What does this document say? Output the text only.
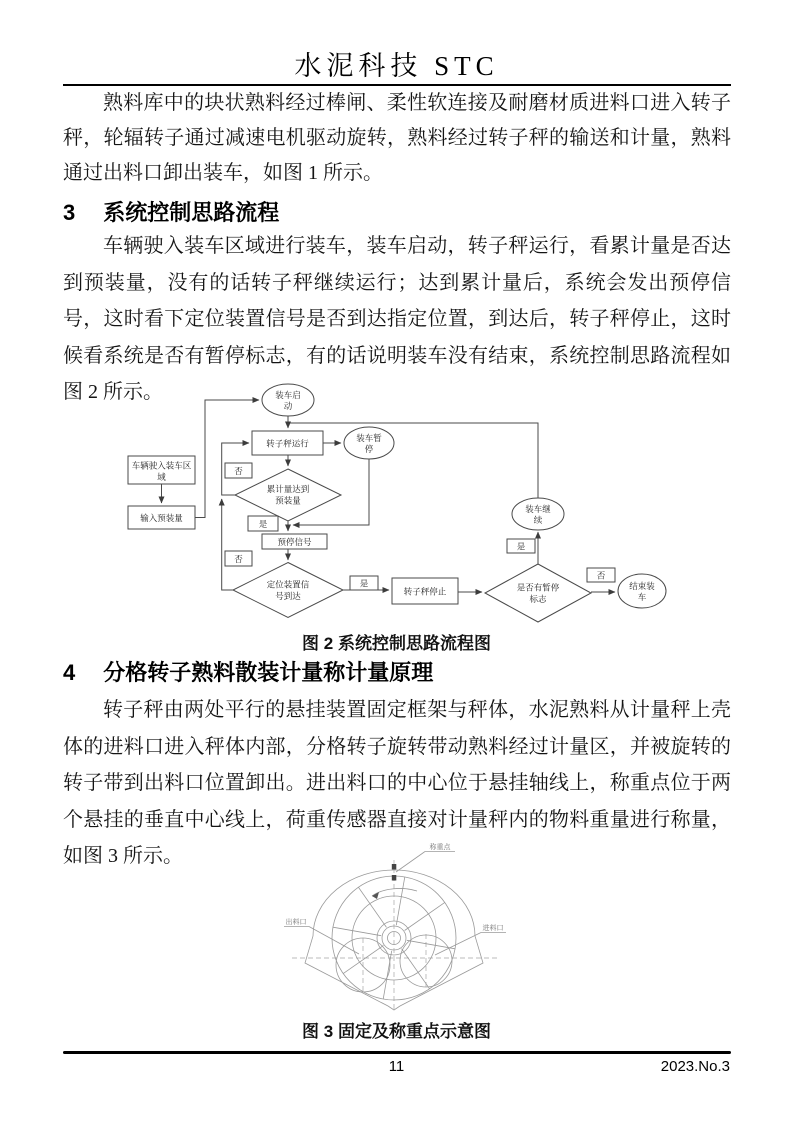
水泥科技 STC

熟料库中的块状熟料经过棒闸、柔性软连接及耐磨材质进料口进入转子秤，轮辐转子通过减速电机驱动旋转，熟料经过转子秤的输送和计量，熟料通过出料口卸出装车，如图 1 所示。

3 系统控制思路流程

车辆驶入装车区域进行装车，装车启动，转子秤运行，看累计量是否达到预装量，没有的话转子秤继续运行；达到累计量后，系统会发出预停信号，这时看下定位装置信号是否到达指定位置，到达后，转子秤停止，这时候看系统是否有暂停标志，有的话说明装车没有结束，系统控制思路流程如图 2 所示。

车辆驶入装车区
域
输入预装量
装车启
动
转子秤运行
装车暂
停
累计量达到
预装量
否
是
预停信号
否
定位装置信
号到达
是
转子秤停止	是否有暂停
标志
是
装车继
续
否
结束装
车
图 2 系统控制思路流程图
4 分格转子熟料散装计量称计量原理

转子秤由两处平行的悬挂装置固定框架与秤体，水泥熟料从计量秤上壳体的进料口进入秤体内部，分格转子旋转带动熟料经过计量区，并被旋转的转子带到出料口位置卸出。进出料口的中心位于悬挂轴线上，称重点位于两个悬挂的垂直中心线上，荷重传感器直接对计量秤内的物料重量进行称量，如图 3 所示。	称重点
出料口
进料口
图 3 固定及称重点示意图
11	2023.No.3
